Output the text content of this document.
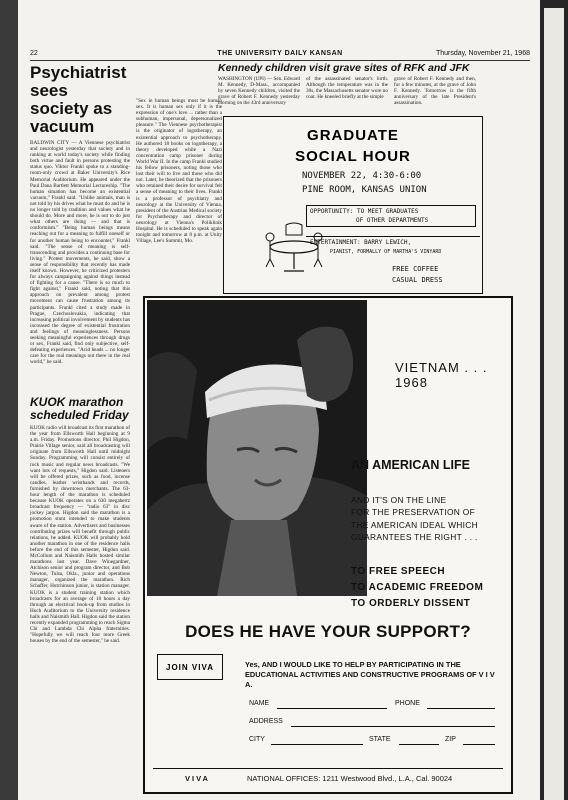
22	THE UNIVERSITY DAILY KANSAN	Thursday, November 21, 1968
Psychiatrist sees society as vacuum
BALDWIN CITY — A Viennese psychiatrist and neurologist yesterday that society and in ranking at world today's society while finding both virtue and fault in persons protesting the status quo. Viktor Frankl spoke to a standing-room-only crowd at Baker University's Rice Memorial Auditorium. He appeared under the Paul Dana Bartlett Memorial Lectureship. "The human situation has become an existential vacuum," Frankl said. "Unlike animals, man is not told by his drives what he must do and he is no longer told by tradition and values what he should do. More and more, he is out to do just what others are doing — and that is conformism." "Being human beings means reaching out for a meaning to fulfill oneself or for another human being to encounter," Frankl said. "The sense of meaning is self-transcending and provides a continuing base for living." Protest movements, he said, show a sense of responsibility that recently has made itself known. However, he criticized protesters for always campaigning against things instead of fighting for a cause. "There is so much to fight against," Frankl said, noting that this approach on prevalent among protest movement can cause frustration among its participants. Frankl cited a study made in Prague, Czechoslovakia, indicating that increasing political involvement by students has increased the degree of existential frustration and feelings of meaninglessness. Persons seeking meaningful experiences through drugs or sex, Frankl said, find only subjective, self-defeating experiences. "Acid heads ... no longer care for the real meanings out there in the real world," he said.
KUOK marathon scheduled Friday
KUOK radio will broadcast its first marathon of the year from Ellsworth Hall beginning at 9 a.m. Friday. Promotions director, Phil Higdon, Prairie Village senior, said all broadcasting will originate from Ellsworth Hall until midnight Sunday. Programming will consist entirely of rock music and regular news broadcasts. "We want lots of requests," Higdon said. Listeners will be offered prizes, such as food, incense candles, leather wristbands and records, furnished by downtown merchants. The 63-hour length of the marathon is scheduled because KUOK operates on a 630 megahertz broadcast frequency — "radio 63" in disc jockey jargon. Higdon said the marathon is a promotion stunt intended to make students aware of the station. Advertisers and businesses contributing prizes will benefit through public relations, he added. KUOK will probably hold another marathon in one of the residence halls before the end of this semester, Higdon said. McCollum and Naismith Halls hosted similar marathons last year. Dave Winegardner, Atchison senior and program director, and Bob Newton, Tulsa, Okla., junior and operations manager, organized the marathon. Rich Schaffer, Hutchinson junior, is station manager. KUOK is a student training station which broadcasts for an average of 18 hours a day through an electrical hook-up from studios in Hoch Auditorium to the University residence halls and Naismith Hall. Higdon said the station recently expanded programming to reach Sigma Chi and Lambda Chi Alpha fraternities. "Hopefully we will reach four more Greek houses by the end of the semester," he said.
"Sex in human beings must be human sex. It is human sex only if it is the expression of one's love ... rather than a subhuman, impersonal, depersonalized pleasure." The Viennese psychotherapist is the originator of logotherapy, an existential approach to psychotherapy. He authored 18 books on logotherapy, a theory developed while a Nazi concentration camp prisoner during World War II. In the camp Frankl studied his fellow prisoners, noting those who lost their will to live and those who did not. Later, he theorized that the prisoners who retained their desire for survival felt a sense of meaning to their lives. Frankl is a professor of psychiatry and neurology at the University of Vienna, president of the Austrian Medical society for Psychotherapy and director of neurology at Vienna's Poliklinik Hospital. He is scheduled to speak again tonight and tomorrow at 8 p.m. at Unity Village, Lee's Summit, Mo.
Kennedy children visit grave sites of RFK and JFK
WASHINGTON (UPI) — Sen. Edward M. Kennedy, D-Mass., accompanied by seven Kennedy children, visited the grave of Robert F. Kennedy yesterday morning on the 43rd anniversary
of the assassinated senator's birth. Although the temperature was in the 30s, the Massachusetts senator wore no coat. He kneeled briefly at the simple
grave of Robert F. Kennedy and then, for a few minutes, at the grave of John F. Kennedy. Tomorrow is the fifth anniversary of the late President's assassination.
GRADUATE
SOCIAL HOUR
NOVEMBER 22, 4:30-6:00
PINE ROOM, KANSAS UNION
OPPORTUNITY: TO MEET GRADUATES
OF OTHER DEPARTMENTS
ENTERTAINMENT: BARRY LEWICH,
PIANIST, FORMALLY OF MARTHA'S VINYARD
FREE COFFEE
CASUAL DRESS
VIETNAM . . . 1968
AN AMERICAN LIFE
AND IT'S ON THE LINE
FOR THE PRESERVATION OF
THE AMERICAN IDEAL WHICH
GUARANTEES THE RIGHT . . .
TO FREE SPEECH
TO ACADEMIC FREEDOM
TO ORDERLY DISSENT
DOES HE HAVE YOUR SUPPORT?
JOIN VIVA	Yes, AND I WOULD LIKE TO HELP BY PARTICIPATING IN THE EDUCATIONAL ACTIVITIES AND CONSTRUCTIVE PROGRAMS OF V I V A.
NAME	PHONE
ADDRESS
CITY	STATE	ZIP
VIVA	NATIONAL OFFICES: 1211 Westwood Blvd., L.A., Cal. 90024
